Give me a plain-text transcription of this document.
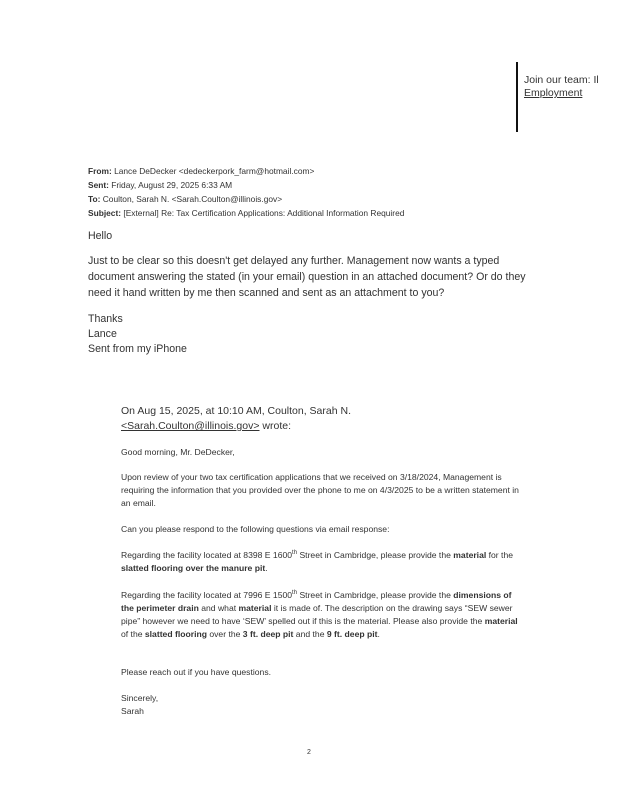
Join our team: Il
Employment
From: Lance DeDecker <dedeckerpork_farm@hotmail.com>
Sent: Friday, August 29, 2025 6:33 AM
To: Coulton, Sarah N. <Sarah.Coulton@illinois.gov>
Subject: [External] Re: Tax Certification Applications: Additional Information Required

Hello

Just to be clear so this doesn't get delayed any further. Management now wants a typed document answering the stated (in your email) question in an attached document? Or do they need it hand written by me then scanned and sent as an attachment to you?

Thanks

Lance

Sent from my iPhone

On Aug 15, 2025, at 10:10 AM, Coulton, Sarah N.
<Sarah.Coulton@illinois.gov> wrote:

Good morning, Mr. DeDecker,

Upon review of your two tax certification applications that we received on 3/18/2024, Management is requiring the information that you provided over the phone to me on 4/3/2025 to be a written statement in an email.

Can you please respond to the following questions via email response:

Regarding the facility located at 8398 E 1600th Street in Cambridge, please provide the material for the slatted flooring over the manure pit.

Regarding the facility located at 7996 E 1500th Street in Cambridge, please provide the dimensions of the perimeter drain and what material it is made of. The description on the drawing says “SEW sewer pipe” however we need to have ‘SEW’ spelled out if this is the material. Please also provide the material of the slatted flooring over the 3 ft. deep pit and the 9 ft. deep pit.

Please reach out if you have questions.

Sincerely,

Sarah

2
